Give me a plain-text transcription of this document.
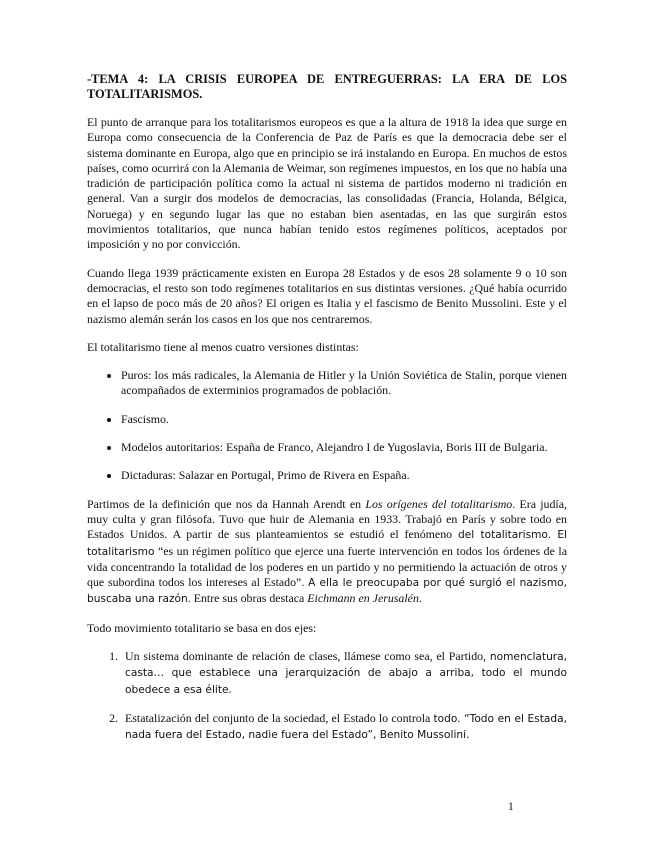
-TEMA 4: LA CRISIS EUROPEA DE ENTREGUERRAS: LA ERA DE LOS TOTALITARISMOS.

El punto de arranque para los totalitarismos europeos es que a la altura de 1918 la idea que surge en Europa como consecuencia de la Conferencia de Paz de París es que la democracia debe ser el sistema dominante en Europa, algo que en principio se irá instalando en Europa. En muchos de estos países, como ocurrirá con la Alemania de Weimar, son regímenes impuestos, en los que no había una tradición de participación política como la actual ni sistema de partidos moderno ni tradición en general. Van a surgir dos modelos de democracias, las consolidadas (Francia, Holanda, Bélgica, Noruega) y en segundo lugar las que no estaban bien asentadas, en las que surgirán estos movimientos totalitarios, que nunca habían tenido estos regímenes políticos, aceptados por imposición y no por convicción.

Cuando llega 1939 prácticamente existen en Europa 28 Estados y de esos 28 solamente 9 o 10 son democracias, el resto son todo regímenes totalitarios en sus distintas versiones. ¿Qué había ocurrido en el lapso de poco más de 20 años? El origen es Italia y el fascismo de Benito Mussolini. Este y el nazismo alemán serán los casos en los que nos centraremos.

El totalitarismo tiene al menos cuatro versiones distintas:

• Puros: los más radicales, la Alemania de Hitler y la Unión Soviética de Stalin, porque vienen acompañados de exterminios programados de población.
• Fascismo.
• Modelos autoritarios: España de Franco, Alejandro I de Yugoslavia, Boris III de Bulgaria.
• Dictaduras: Salazar en Portugal, Primo de Rivera en España.

Partimos de la definición que nos da Hannah Arendt en Los orígenes del totalitarismo. Era judía, muy culta y gran filósofa. Tuvo que huir de Alemania en 1933. Trabajó en París y sobre todo en Estados Unidos. A partir de sus planteamientos se estudió el fenómeno del totalitarismo. El totalitarismo “es un régimen político que ejerce una fuerte intervención en todos los órdenes de la vida concentrando la totalidad de los poderes en un partido y no permitiendo la actuación de otros y que subordina todos los intereses al Estado”. A ella le preocupaba por qué surgió el nazismo, buscaba una razón. Entre sus obras destaca Eichmann en Jerusalén.

Todo movimiento totalitario se basa en dos ejes:

1. Un sistema dominante de relación de clases, llámese como sea, el Partido, nomenclatura, casta… que establece una jerarquización de abajo a arriba, todo el mundo obedece a esa élite.
2. Estatalización del conjunto de la sociedad, el Estado lo controla todo. “Todo en el Estada, nada fuera del Estado, nadie fuera del Estado”, Benito Mussolini.
1
